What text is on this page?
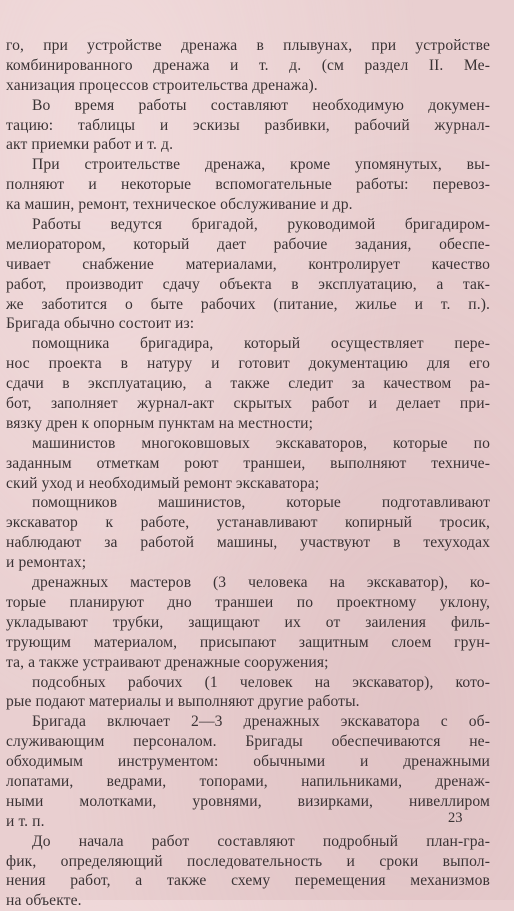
го, при устройстве дренажа в плывунах, при устройстве
комбинированного дренажа и т. д. (см раздел II. Ме-
ханизация процессов строительства дренажа).
Во время работы составляют необходимую докумен-
тацию: таблицы и эскизы разбивки, рабочий журнал-
акт приемки работ и т. д.
При строительстве дренажа, кроме упомянутых, вы-
полняют и некоторые вспомогательные работы: перевоз-
ка машин, ремонт, техническое обслуживание и др.
Работы ведутся бригадой, руководимой бригадиром-
мелиоратором, который дает рабочие задания, обеспе-
чивает снабжение материалами, контролирует качество
работ, производит сдачу объекта в эксплуатацию, а так-
же заботится о быте рабочих (питание, жилье и т. п.).
Бригада обычно состоит из:
помощника бригадира, который осуществляет пере-
нос проекта в натуру и готовит документацию для его
сдачи в эксплуатацию, а также следит за качеством ра-
бот, заполняет журнал-акт скрытых работ и делает при-
вязку дрен к опорным пунктам на местности;
машинистов многоковшовых экскаваторов, которые по
заданным отметкам роют траншеи, выполняют техниче-
ский уход и необходимый ремонт экскаватора;
помощников машинистов, которые подготавливают
экскаватор к работе, устанавливают копирный тросик,
наблюдают за работой машины, участвуют в техуходах
и ремонтах;
дренажных мастеров (3 человека на экскаватор), ко-
торые планируют дно траншеи по проектному уклону,
укладывают трубки, защищают их от заиления филь-
трующим материалом, присыпают защитным слоем грун-
та, а также устраивают дренажные сооружения;
подсобных рабочих (1 человек на экскаватор), кото-
рые подают материалы и выполняют другие работы.
Бригада включает 2—3 дренажных экскаватора с об-
служивающим персоналом. Бригады обеспечиваются не-
обходимым инструментом: обычными и дренажными
лопатами, ведрами, топорами, напильниками, дренаж-
ными молотками, уровнями, визирками, нивеллиром
и т. п.
До начала работ составляют подробный план-гра-
фик, определяющий последовательность и сроки выпол-
нения работ, а также схему перемещения механизмов
на объекте.
23
